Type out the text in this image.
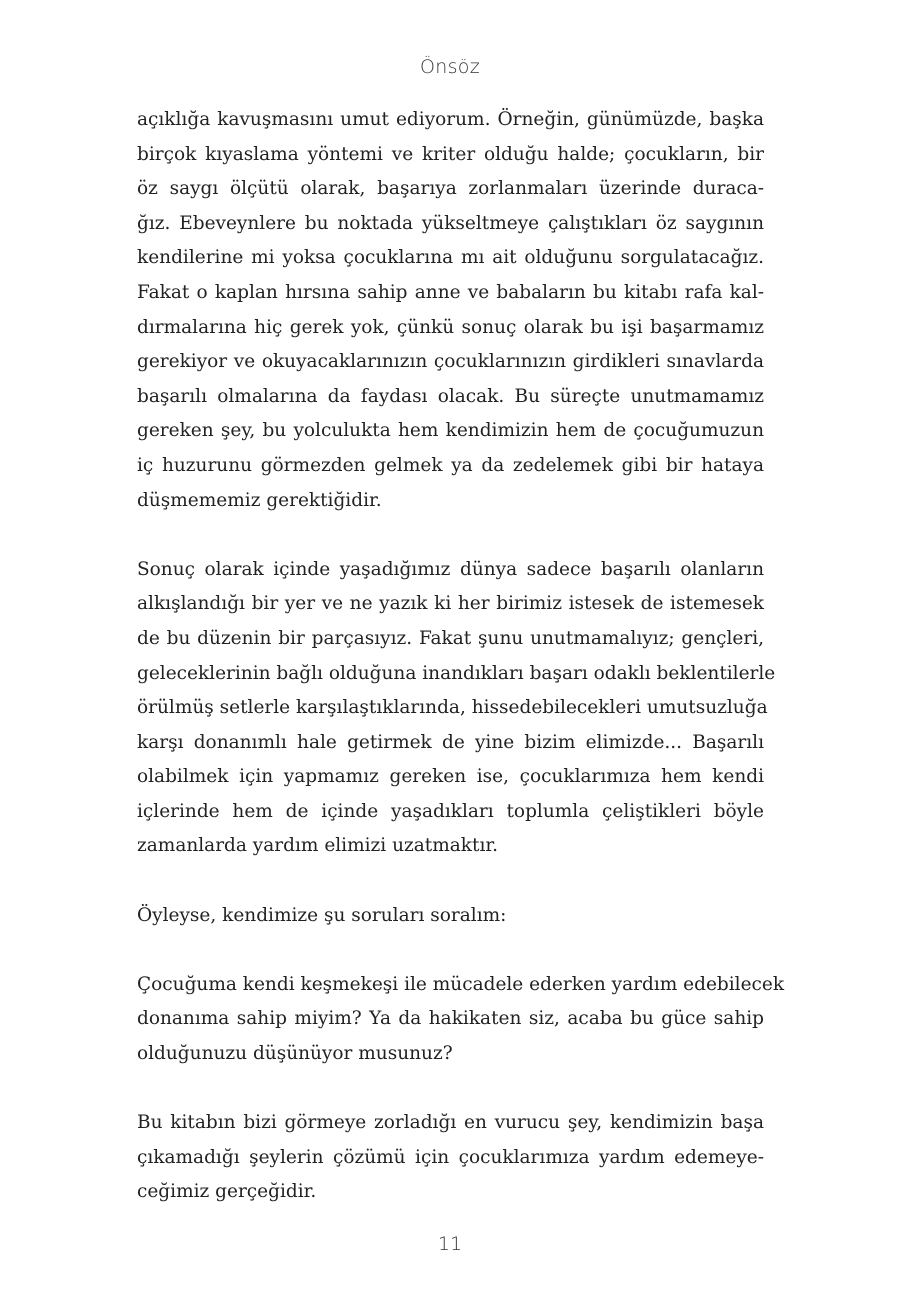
Önsöz

açıklığa kavuşmasını umut ediyorum. Örneğin, günümüzde, başka
birçok kıyaslama yöntemi ve kriter olduğu halde; çocukların, bir
öz saygı ölçütü olarak, başarıya zorlanmaları üzerinde duraca-
ğız. Ebeveynlere bu noktada yükseltmeye çalıştıkları öz saygının
kendilerine mi yoksa çocuklarına mı ait olduğunu sorgulatacağız.
Fakat o kaplan hırsına sahip anne ve babaların bu kitabı rafa kal-
dırmalarına hiç gerek yok, çünkü sonuç olarak bu işi başarmamız
gerekiyor ve okuyacaklarınızın çocuklarınızın girdikleri sınavlarda
başarılı olmalarına da faydası olacak. Bu süreçte unutmamamız
gereken şey, bu yolculukta hem kendimizin hem de çocuğumuzun
iç huzurunu görmezden gelmek ya da zedelemek gibi bir hataya
düşmememiz gerektiğidir.

Sonuç olarak içinde yaşadığımız dünya sadece başarılı olanların
alkışlandığı bir yer ve ne yazık ki her birimiz istesek de istemesek
de bu düzenin bir parçasıyız. Fakat şunu unutmamalıyız; gençleri,
geleceklerinin bağlı olduğuna inandıkları başarı odaklı beklentilerle
örülmüş setlerle karşılaştıklarında, hissedebilecekleri umutsuzluğa
karşı donanımlı hale getirmek de yine bizim elimizde... Başarılı
olabilmek için yapmamız gereken ise, çocuklarımıza hem kendi
içlerinde hem de içinde yaşadıkları toplumla çeliştikleri böyle
zamanlarda yardım elimizi uzatmaktır.

Öyleyse, kendimize şu soruları soralım:

Çocuğuma kendi keşmekeşi ile mücadele ederken yardım edebilecek
donanıma sahip miyim? Ya da hakikaten siz, acaba bu güce sahip
olduğunuzu düşünüyor musunuz?

Bu kitabın bizi görmeye zorladığı en vurucu şey, kendimizin başa
çıkamadığı şeylerin çözümü için çocuklarımıza yardım edemeye-
ceğimiz gerçeğidir.

11
